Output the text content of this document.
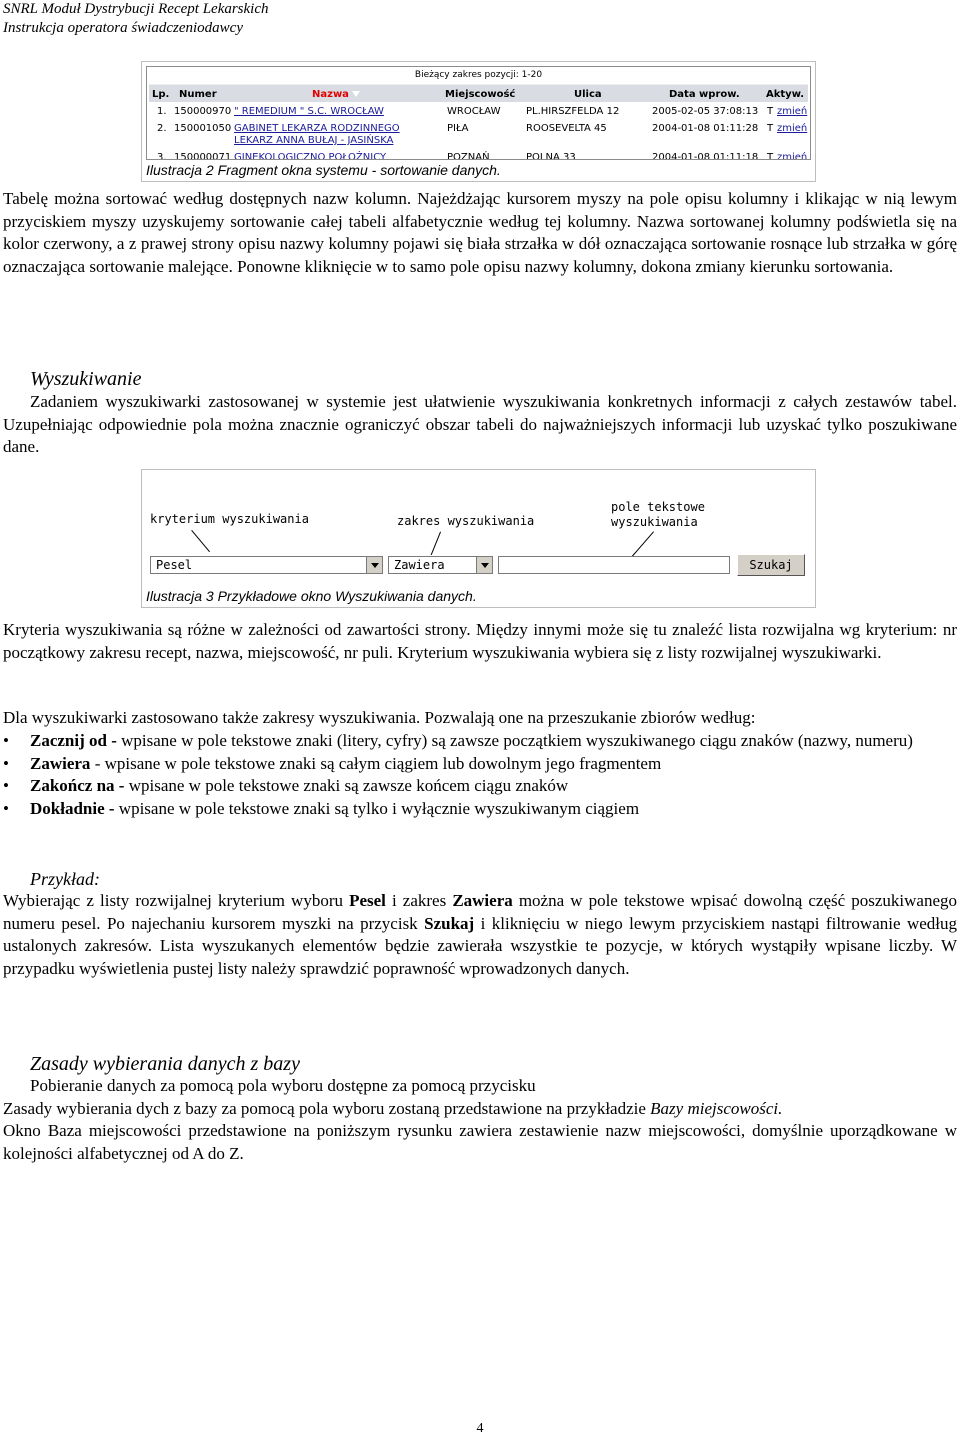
SNRL Moduł Dystrybucji Recept Lekarskich
Instrukcja operatora świadczeniodawcy
Bieżący zakres pozycji: 1-20
Lp. Numer	Nazwa	Miejscowość	Ulica	Data wprow.	Aktyw.
1. 150000970 " REMEDIUM " S.C. WROCŁAW	WROCŁAW	PL.HIRSZFELDA 12	2005-02-05 37:08:13 T zmień
2. 150001050 GABINET LEKARZA RODZINNEGO
LEKARZ ANNA BUŁAJ - JASIŃSKA
PIŁA	ROOSEVELTA 45	2004-01-08 01:11:28 T zmień
3. 150000071 GINEKOLOGICZNO POŁOŻNICY	POZNAŃ	POLNA 33	2004-01-08 01:11:18 T zmień
Ilustracja 2 Fragment okna systemu - sortowanie danych.

Tabelę można sortować według dostępnych nazw kolumn. Najeżdżając kursorem myszy na pole opisu kolumny i klikając w nią lewym przyciskiem myszy uzyskujemy sortowanie całej tabeli alfabetycznie według tej kolumny. Nazwa sortowanej kolumny podświetla się na kolor czerwony, a z prawej strony opisu nazwy kolumny pojawi się biała strzałka w dół oznaczająca sortowanie rosnące lub strzałka w górę oznaczająca sortowanie malejące. Ponowne kliknięcie w to samo pole opisu nazwy kolumny, dokona zmiany kierunku sortowania.

Wyszukiwanie

Zadaniem wyszukiwarki zastosowanej w systemie jest ułatwienie wyszukiwania konkretnych informacji z całych zestawów tabel. Uzupełniając odpowiednie pola można znacznie ograniczyć obszar tabeli do najważniejszych informacji lub uzyskać tylko poszukiwane dane.

kryterium wyszukiwania	zakres wyszukiwania
pole tekstowe
wyszukiwania
Pesel	Zawiera	Szukaj
Ilustracja 3 Przykładowe okno Wyszukiwania danych.

Kryteria wyszukiwania są różne w zależności od zawartości strony. Między innymi może się tu znaleźć lista rozwijalna wg kryterium: nr początkowy zakresu recept, nazwa, miejscowość, nr puli. Kryterium wyszukiwania wybiera się z listy rozwijalnej wyszukiwarki.

Dla wyszukiwarki zastosowano także zakresy wyszukiwania. Pozwalają one na przeszukanie zbiorów według:

• Zacznij od - wpisane w pole tekstowe znaki (litery, cyfry) są zawsze początkiem wyszukiwanego ciągu znaków (nazwy, numeru)
• Zawiera - wpisane w pole tekstowe znaki są całym ciągiem lub dowolnym jego fragmentem
• Zakończ na - wpisane w pole tekstowe znaki są zawsze końcem ciągu znaków
• Dokładnie - wpisane w pole tekstowe znaki są tylko i wyłącznie wyszukiwanym ciągiem
Przykład:

Wybierając z listy rozwijalnej kryterium wyboru Pesel i zakres Zawiera można w pole tekstowe wpisać dowolną część poszukiwanego numeru pesel. Po najechaniu kursorem myszki na przycisk Szukaj i kliknięciu w niego lewym przyciskiem nastąpi filtrowanie według ustalonych zakresów. Lista wyszukanych elementów będzie zawierała wszystkie te pozycje, w których wystąpiły wpisane liczby. W przypadku wyświetlenia pustej listy należy sprawdzić poprawność wprowadzonych danych.

Zasady wybierania danych z bazy

Pobieranie danych za pomocą pola wyboru dostępne za pomocą przycisku

Zasady wybierania dych z bazy za pomocą pola wyboru zostaną przedstawione na przykładzie Bazy miejscowości.

Okno Baza miejscowości przedstawione na poniższym rysunku zawiera zestawienie nazw miejscowości, domyślnie uporządkowane w kolejności alfabetycznej od A do Z.

4
